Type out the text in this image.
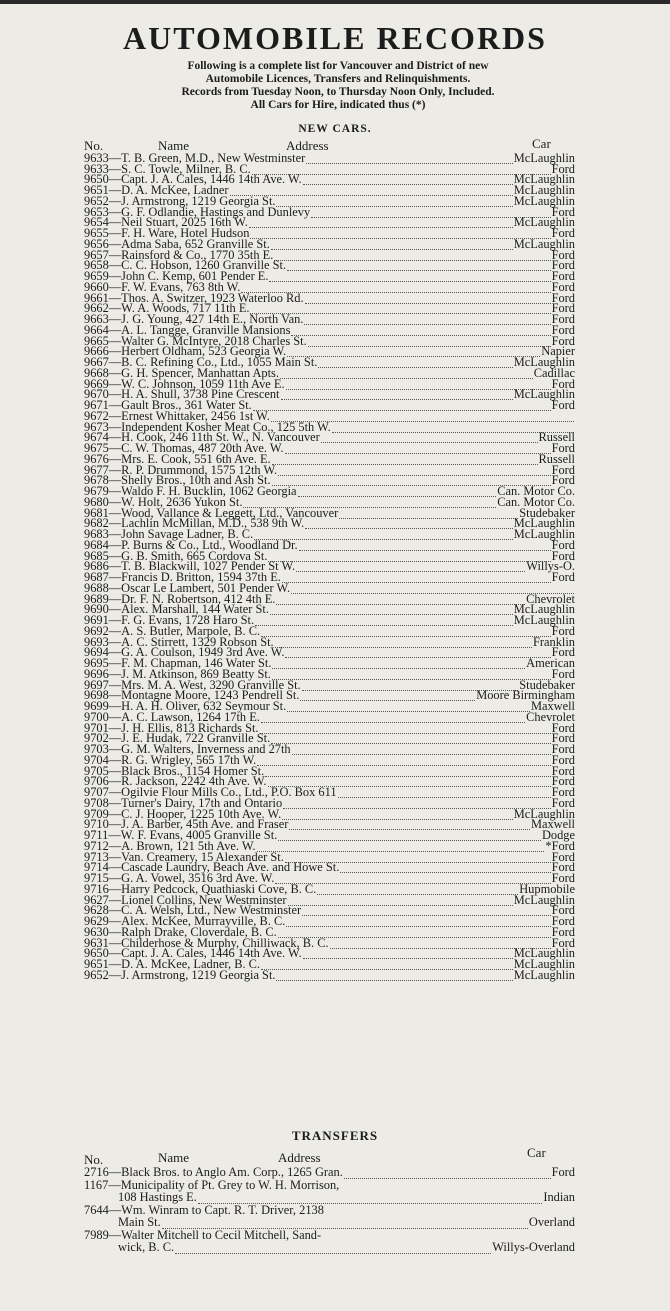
AUTOMOBILE RECORDS
Following is a complete list for Vancouver and District of new
Automobile Licences, Transfers and Relinquishments.
Records from Tuesday Noon, to Thursday Noon Only, Included.
All Cars for Hire, indicated thus (*)
NEW CARS.
No.	Name	Address	Car
9633 — T. B. Green, M.D., New Westminster	McLaughlin
9633 — S. C. Towle, Milner, B. C.	Ford
9650 — Capt. J. A. Cales, 1446 14th Ave. W.	McLaughlin
9651 — D. A. McKee, Ladner	McLaughlin
9652 — J. Armstrong, 1219 Georgia St.	McLaughlin
9653 — G. F. Odlandie, Hastings and Dunlevy	Ford
9654 — Neil Stuart, 2025 16th W.	McLaughlin
9655 — F. H. Ware, Hotel Hudson	Ford
9656 — Adma Saba, 652 Granville St.	McLaughlin
9657 — Rainsford & Co., 1770 35th E.	Ford
9658 — C. C. Hobson, 1260 Granville St.	Ford
9659 — John C. Kemp, 601 Pender E.	Ford
9660 — F. W. Evans, 763 8th W.	Ford
9661 — Thos. A. Switzer, 1923 Waterloo Rd.	Ford
9662 — W. A. Woods, 717 11th E.	Ford
9663 — J. G. Young, 427 14th E., North Van.	Ford
9664 — A. L. Tangge, Granville Mansions	Ford
9665 — Walter G. McIntyre, 2018 Charles St.	Ford
9666 — Herbert Oldham, 523 Georgia W.	Napier
9667 — B. C. Refining Co., Ltd., 1055 Main St.	McLaughlin
9668 — G. H. Spencer, Manhattan Apts.	Cadillac
9669 — W. C. Johnson, 1059 11th Ave E.	Ford
9670 — H. A. Shull, 3738 Pine Crescent	McLaughlin
9671 — Gault Bros., 361 Water St.	Ford
9672 — Ernest Whittaker, 2456 1st W.
9673 — Independent Kosher Meat Co., 125 5th W.
9674 — H. Cook, 246 11th St. W., N. Vancouver	Russell
9675 — C. W. Thomas, 487 20th Ave. W.	Ford
9676 — Mrs. E. Cook, 551 6th Ave. E.	Russell
9677 — R. P. Drummond, 1575 12th W.	Ford
9678 — Shelly Bros., 10th and Ash St.	Ford
9679 — Waldo F. H. Bucklin, 1062 Georgia	Can. Motor Co.
9680 — W. Holt, 2636 Yukon St.	Can. Motor Co.
9681 — Wood, Vallance & Leggett, Ltd., Vancouver	Studebaker
9682 — Lachlin McMillan, M.D., 538 9th W.	McLaughlin
9683 — John Savage Ladner, B. C.	McLaughlin
9684 — P. Burns & Co., Ltd., Woodland Dr.	Ford
9685 — G. B. Smith, 665 Cordova St.	Ford
9686 — T. B. Blackwill, 1027 Pender St W.	Willys-O.
9687 — Francis D. Britton, 1594 37th E.	Ford
9688 — Oscar Le Lambert, 501 Pender W.
9689 — Dr. F. N. Robertson, 412 4th E.	Chevrolet
9690 — Alex. Marshall, 144 Water St.	McLaughlin
9691 — F. G. Evans, 1728 Haro St.	McLaughlin
9692 — A. S. Butler, Marpole, B. C.	Ford
9693 — A. C. Stirrett, 1329 Robson St.	Franklin
9694 — G. A. Coulson, 1949 3rd Ave. W.	Ford
9695 — F. M. Chapman, 146 Water St.	American
9696 — J. M. Atkinson, 869 Beatty St.	Ford
9697 — Mrs. M. A. West, 3290 Granville St.	Studebaker
9698 — Montagne Moore, 1243 Pendrell St.	Moore Birmingham
9699 — H. A. H. Oliver, 632 Seymour St.	Maxwell
9700 — A. C. Lawson, 1264 17th E.	Chevrolet
9701 — J. H. Ellis, 813 Richards St.	Ford
9702 — J. E. Hudak, 722 Granville St.	Ford
9703 — G. M. Walters, Inverness and 27th	Ford
9704 — R. G. Wrigley, 565 17th W.	Ford
9705 — Black Bros., 1154 Homer St.	Ford
9706 — R. Jackson, 2242 4th Ave. W.	Ford
9707 — Ogilvie Flour Mills Co., Ltd., P.O. Box 611	Ford
9708 — Turner's Dairy, 17th and Ontario	Ford
9709 — C. J. Hooper, 1225 10th Ave. W.	McLaughlin
9710 — J. A. Barber, 45th Ave. and Fraser	Maxwell
9711 — W. F. Evans, 4005 Granville St.	Dodge
9712 — A. Brown, 121 5th Ave. W.	*Ford
9713 — Van. Creamery, 15 Alexander St.	Ford
9714 — Cascade Laundry, Beach Ave. and Howe St.	Ford
9715 — G. A. Vowel, 3516 3rd Ave. W.	Ford
9716 — Harry Pedcock, Quathiaski Cove, B. C.	Hupmobile
9627 — Lionel Collins, New Westminster	McLaughlin
9628 — C. A. Welsh, Ltd., New Westminster	Ford
9629 — Alex. McKee, Murrayville, B. C.	Ford
9630 — Ralph Drake, Cloverdale, B. C.	Ford
9631 — Childerhose & Murphy, Chilliwack, B. C.	Ford
9650 — Capt. J. A. Cales, 1446 14th Ave. W.	McLaughlin
9651 — D. A. McKee, Ladner, B. C.	McLaughlin
9652 — J. Armstrong, 1219 Georgia St.	McLaughlin
TRANSFERS
No.	Name	Address	Car
2716 — Black Bros. to Anglo Am. Corp., 1265 Gran.	Ford
1167 — Municipality of Pt. Grey to W. H. Morrison,
108 Hastings E.	Indian
7644 — Wm. Winram to Capt. R. T. Driver, 2138
Main St.	Overland
7989 — Walter Mitchell to Cecil Mitchell, Sand-
wick, B. C.	Willys-Overland
